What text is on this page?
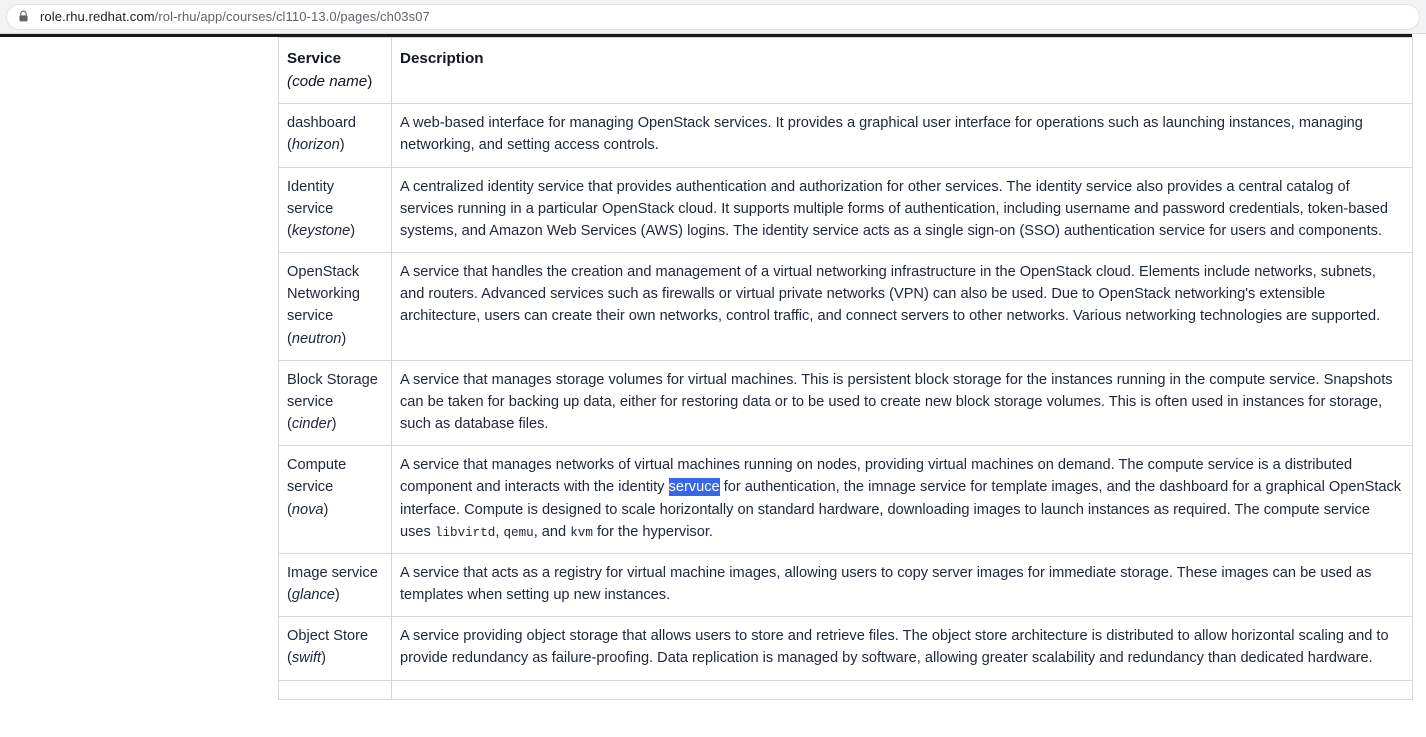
role.rhu.redhat.com/rol-rhu/app/courses/cl110-13.0/pages/ch03s07
Service
(code name)	Description
dashboard
(horizon)	A web-based interface for managing OpenStack services. It provides a graphical user interface for operations such as launching instances, managing networking, and setting access controls.
Identity service
(keystone)	A centralized identity service that provides authentication and authorization for other services. The identity service also provides a central catalog of services running in a particular OpenStack cloud. It supports multiple forms of authentication, including username and password credentials, token-based systems, and Amazon Web Services (AWS) logins. The identity service acts as a single sign-on (SSO) authentication service for users and components.
OpenStack Networking service
(neutron)	A service that handles the creation and management of a virtual networking infrastructure in the OpenStack cloud. Elements include networks, subnets, and routers. Advanced services such as firewalls or virtual private networks (VPN) can also be used. Due to OpenStack networking's extensible architecture, users can create their own networks, control traffic, and connect servers to other networks. Various networking technologies are supported.
Block Storage service
(cinder)	A service that manages storage volumes for virtual machines. This is persistent block storage for the instances running in the compute service. Snapshots can be taken for backing up data, either for restoring data or to be used to create new block storage volumes. This is often used in instances for storage, such as database files.
Compute service
(nova)	A service that manages networks of virtual machines running on nodes, providing virtual machines on demand. The compute service is a distributed component and interacts with the identity servuce for authentication, the imnage service for template images, and the dashboard for a graphical OpenStack interface. Compute is designed to scale horizontally on standard hardware, downloading images to launch instances as required. The compute service uses libvirtd, qemu, and kvm for the hypervisor.
Image service
(glance)	A service that acts as a registry for virtual machine images, allowing users to copy server images for immediate storage. These images can be used as templates when setting up new instances.
Object Store
(swift)	A service providing object storage that allows users to store and retrieve files. The object store architecture is distributed to allow horizontal scaling and to provide redundancy as failure-proofing. Data replication is managed by software, allowing greater scalability and redundancy than dedicated hardware.
